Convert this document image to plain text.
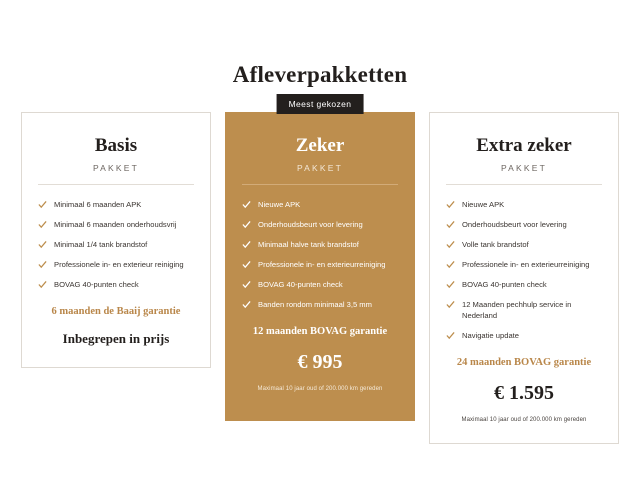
Afleverpakketten
Basis
PAKKET
Minimaal 6 maanden APK
Minimaal 6 maanden onderhoudsvrij
Minimaal 1/4 tank brandstof
Professionele in- en exterieur reiniging
BOVAG 40-punten check
6 maanden de Baaij garantie
Inbegrepen in prijs
Meest gekozen
Zeker
PAKKET
Nieuwe APK
Onderhoudsbeurt voor levering
Minimaal halve tank brandstof
Professionele in- en exterieurreiniging
BOVAG 40-punten check
Banden rondom minimaal 3,5 mm
12 maanden BOVAG garantie
€ 995
Maximaal 10 jaar oud of 200.000 km gereden
Extra zeker
PAKKET
Nieuwe APK
Onderhoudsbeurt voor levering
Volle tank brandstof
Professionele in- en exterieurreiniging
BOVAG 40-punten check
12 Maanden pechhulp service in Nederland
Navigatie update
24 maanden BOVAG garantie
€ 1.595
Maximaal 10 jaar oud of 200.000 km gereden
